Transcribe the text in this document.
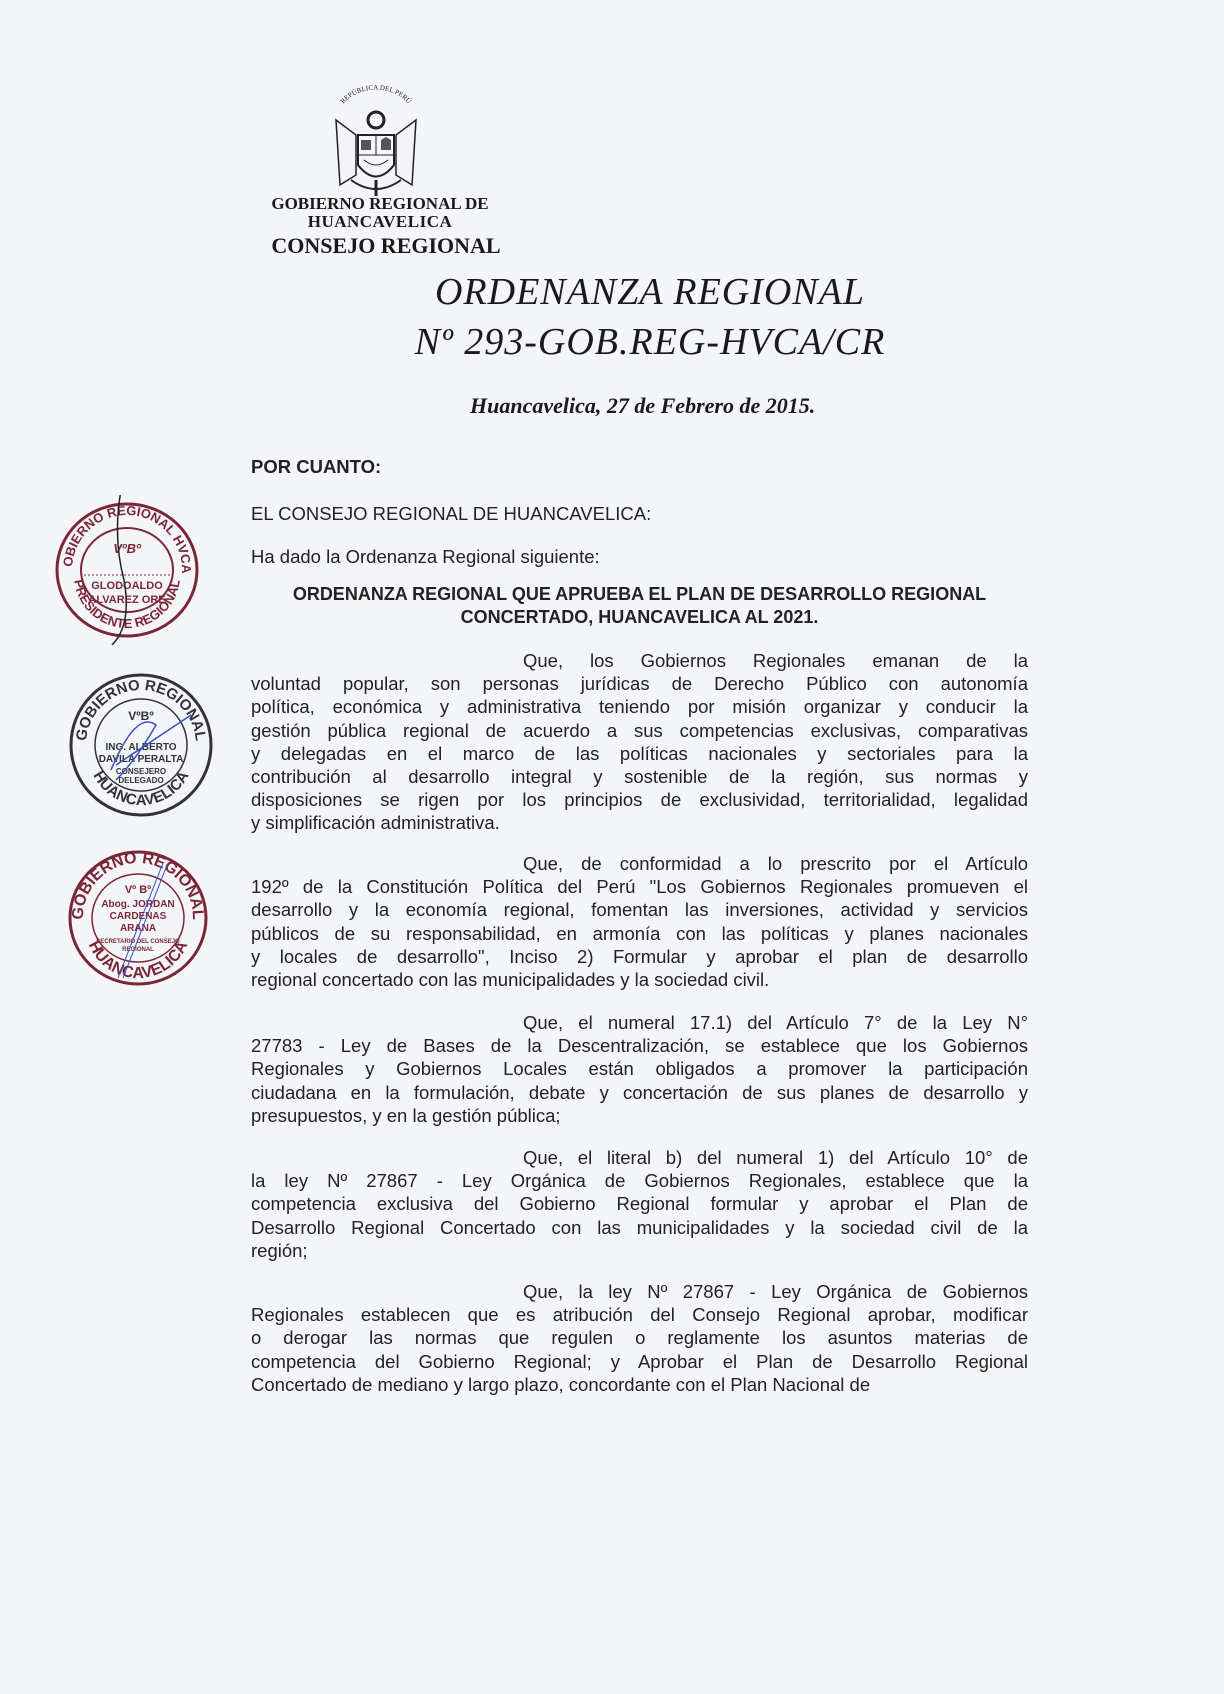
REPÚBLICA DEL PERÚ
GOBIERNO REGIONAL DE
HUANCAVELICA
CONSEJO REGIONAL
ORDENANZA REGIONAL
Nº 293-GOB.REG-HVCA/CR
Huancavelica, 27 de Febrero de 2015.
POR CUANTO:
EL CONSEJO REGIONAL DE HUANCAVELICA:
Ha dado la Ordenanza Regional siguiente:
ORDENANZA REGIONAL QUE APRUEBA EL PLAN DE DESARROLLO REGIONAL
CONCERTADO, HUANCAVELICA AL 2021.
Que, los Gobiernos Regionales emanan de la
voluntad popular, son personas jurídicas de Derecho Público con autonomía
política, económica y administrativa teniendo por misión organizar y conducir la
gestión pública regional de acuerdo a sus competencias exclusivas, comparativas
y delegadas en el marco de las políticas nacionales y sectoriales para la
contribución al desarrollo integral y sostenible de la región, sus normas y
disposiciones se rigen por los principios de exclusividad, territorialidad, legalidad
y simplificación administrativa.
Que, de conformidad a lo prescrito por el Artículo
192º de la Constitución Política del Perú "Los Gobiernos Regionales promueven el
desarrollo y la economía regional, fomentan las inversiones, actividad y servicios
públicos de su responsabilidad, en armonía con las políticas y planes nacionales
y locales de desarrollo", Inciso 2) Formular y aprobar el plan de desarrollo
regional concertado con las municipalidades y la sociedad civil.
Que, el numeral 17.1) del Artículo 7° de la Ley N°
27783 - Ley de Bases de la Descentralización, se establece que los Gobiernos
Regionales y Gobiernos Locales están obligados a promover la participación
ciudadana en la formulación, debate y concertación de sus planes de desarrollo y
presupuestos, y en la gestión pública;
Que, el literal b) del numeral 1) del Artículo 10° de
la ley Nº 27867 - Ley Orgánica de Gobiernos Regionales, establece que la
competencia exclusiva del Gobierno Regional formular y aprobar el Plan de
Desarrollo Regional Concertado con las municipalidades y la sociedad civil de la
región;
Que, la ley Nº 27867 - Ley Orgánica de Gobiernos
Regionales establecen que es atribución del Consejo Regional aprobar, modificar
o derogar las normas que regulen o reglamente los asuntos materias de
competencia del Gobierno Regional; y Aprobar el Plan de Desarrollo Regional
Concertado de mediano y largo plazo, concordante con el Plan Nacional de
OBIERNO REGIONAL HVCA
PRESIDENTE REGIONAL
VºBº
GLODOALDO
ALVAREZ ORE
GOBIERNO REGIONAL
HUANCAVELICA
VºBº
ING. ALBERTO
DAVILA PERALTA
CONSEJERO
DELEGADO
GOBIERNO REGIONAL
HUANCAVELICA
Vº Bº
Abog. JORDAN
CARDENAS
ARANA
SECRETARIO DEL CONSEJO
REGIONAL
